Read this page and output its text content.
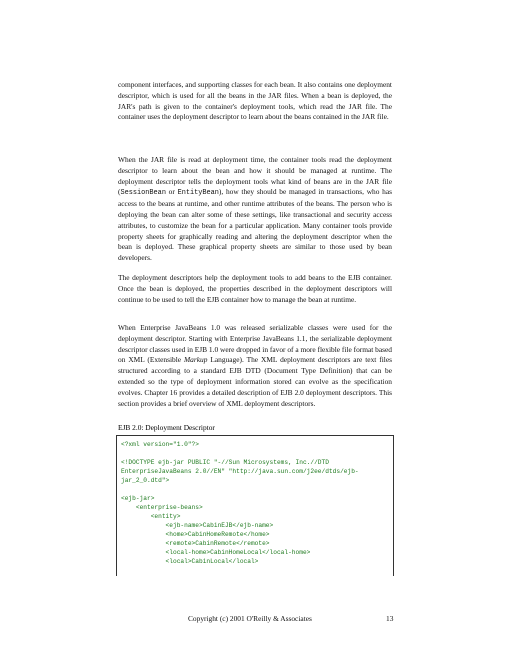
component interfaces, and supporting classes for each bean. It also contains one deployment descriptor, which is used for all the beans in the JAR files. When a bean is deployed, the JAR's path is given to the container's deployment tools, which read the JAR file. The container uses the deployment descriptor to learn about the beans contained in the JAR file.

When the JAR file is read at deployment time, the container tools read the deployment descriptor to learn about the bean and how it should be managed at runtime. The deployment descriptor tells the deployment tools what kind of beans are in the JAR file (SessionBean or EntityBean), how they should be managed in transactions, who has access to the beans at runtime, and other runtime attributes of the beans. The person who is deploying the bean can alter some of these settings, like transactional and security access attributes, to customize the bean for a particular application. Many container tools provide property sheets for graphically reading and altering the deployment descriptor when the bean is deployed. These graphical property sheets are similar to those used by bean developers.

The deployment descriptors help the deployment tools to add beans to the EJB container. Once the bean is deployed, the properties described in the deployment descriptors will continue to be used to tell the EJB container how to manage the bean at runtime.

When Enterprise JavaBeans 1.0 was released serializable classes were used for the deployment descriptor. Starting with Enterprise JavaBeans 1.1, the serializable deployment descriptor classes used in EJB 1.0 were dropped in favor of a more flexible file format based on XML (Extensible Markup Language). The XML deployment descriptors are text files structured according to a standard EJB DTD (Document Type Definition) that can be extended so the type of deployment information stored can evolve as the specification evolves. Chapter 16 provides a detailed description of EJB 2.0 deployment descriptors. This section provides a brief overview of XML deployment descriptors.

EJB 2.0: Deployment Descriptor

<?xml version="1.0"?>
<!DOCTYPE ejb-jar PUBLIC "-//Sun Microsystems, Inc.//DTD
EnterpriseJavaBeans 2.0//EN" "http://java.sun.com/j2ee/dtds/ejb-
jar_2_0.dtd">
<ejb-jar>
<enterprise-beans>
<entity>
<ejb-name>CabinEJB</ejb-name>
<home>CabinHomeRemote</home>
<remote>CabinRemote</remote>
<local-home>CabinHomeLocal</local-home>
<local>CabinLocal</local>

Copyright (c) 2001 O'Reilly & Associates	13
